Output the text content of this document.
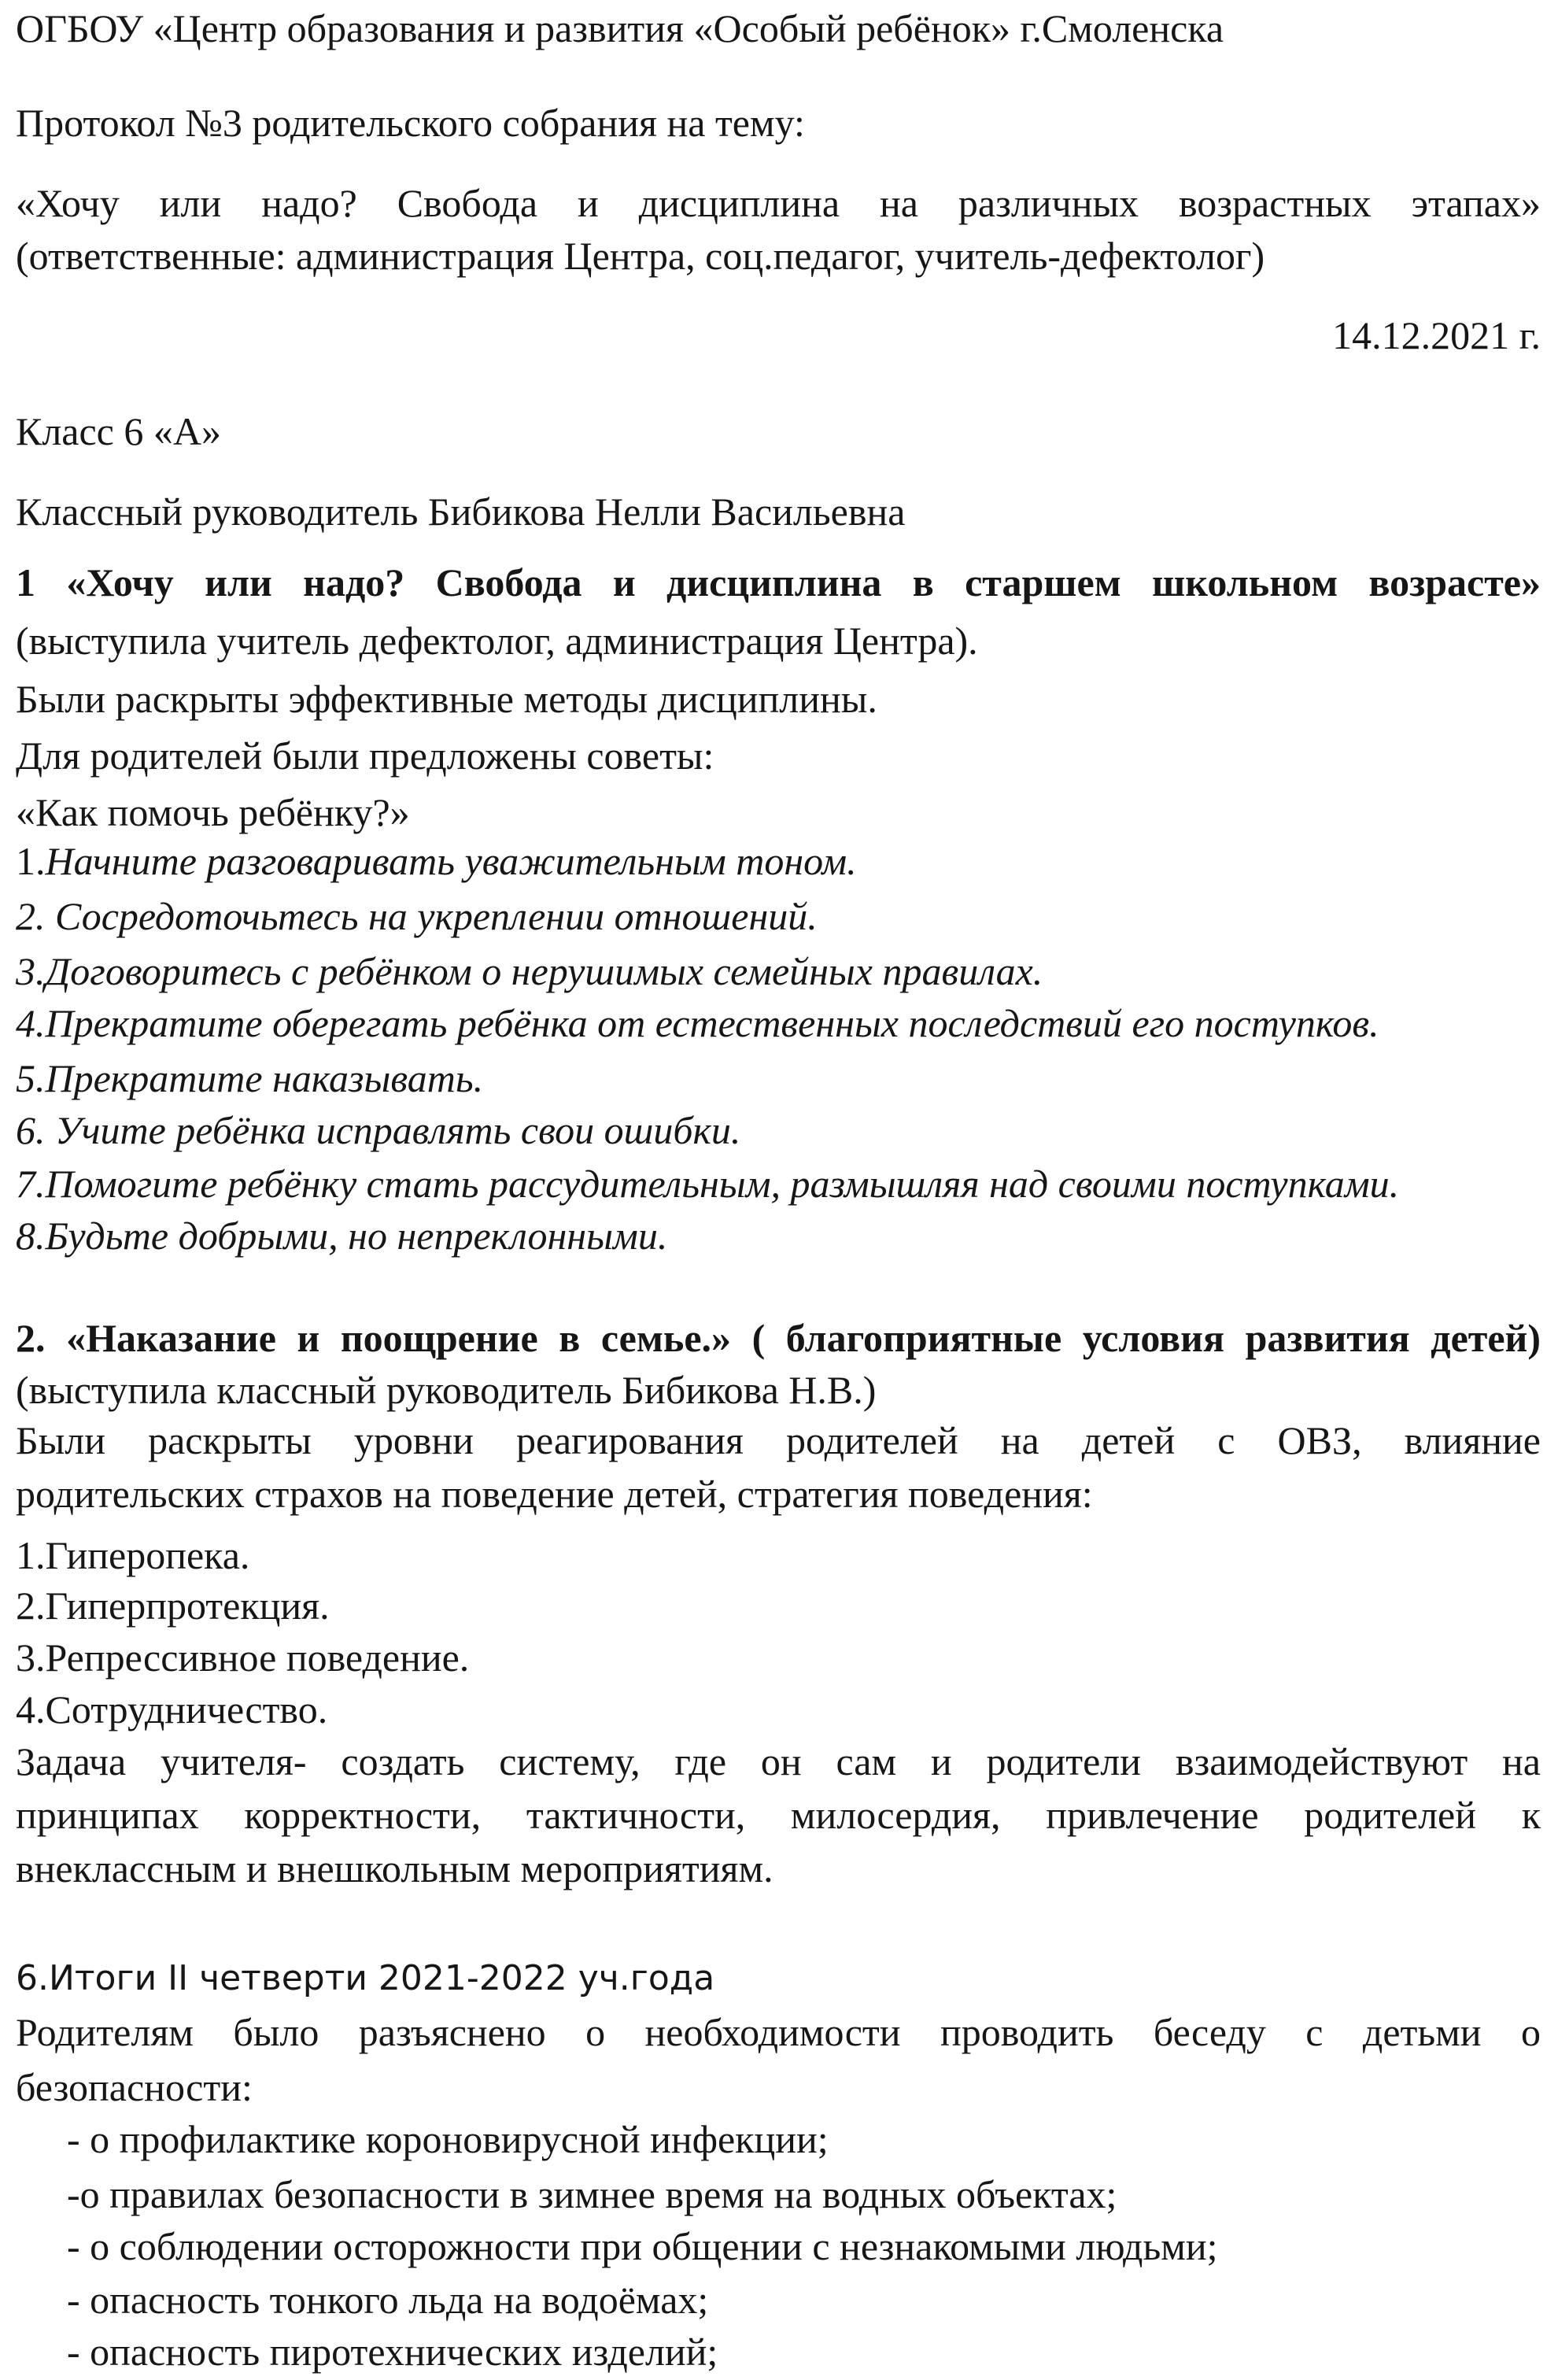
ОГБОУ «Центр образования и развития «Особый ребёнок» г.Смоленска
Протокол №3 родительского собрания на тему:
«Хочу или надо? Свобода и дисциплина на различных возрастных этапах»
(ответственные: администрация Центра, соц.педагог, учитель-дефектолог)
14.12.2021 г.
Класс 6 «А»
Классный руководитель Бибикова Нелли Васильевна
1 «Хочу или надо? Свобода и дисциплина в старшем школьном возрасте»
(выступила учитель дефектолог, администрация Центра).
Были раскрыты эффективные методы дисциплины.
Для родителей были предложены советы:
«Как помочь ребёнку?»
1.Начните разговаривать уважительным тоном.
2. Сосредоточьтесь на укреплении отношений.
3.Договоритесь с ребёнком о нерушимых семейных правилах.
4.Прекратите оберегать ребёнка от естественных последствий его поступков.
5.Прекратите наказывать.
6. Учите ребёнка исправлять свои ошибки.
7.Помогите ребёнку стать рассудительным, размышляя над своими поступками.
8.Будьте добрыми, но непреклонными.
2. «Наказание и поощрение в семье.» ( благоприятные условия развития детей)
(выступила классный руководитель Бибикова Н.В.)
Были раскрыты уровни реагирования родителей на детей с ОВЗ, влияние
родительских страхов на поведение детей, стратегия поведения:
1.Гиперопека.
2.Гиперпротекция.
3.Репрессивное поведение.
4.Сотрудничество.
Задача учителя- создать систему, где он сам и родители взаимодействуют на
принципах корректности, тактичности, милосердия, привлечение родителей к
внеклассным и внешкольным мероприятиям.
6.Итоги II четверти 2021-2022 уч.года
Родителям было разъяснено о необходимости проводить беседу с детьми о
безопасности:
- о профилактике короновирусной инфекции;
-о правилах безопасности в зимнее время на водных объектах;
- о соблюдении осторожности при общении с незнакомыми людьми;
- опасность тонкого льда на водоёмах;
- опасность пиротехнических изделий;
